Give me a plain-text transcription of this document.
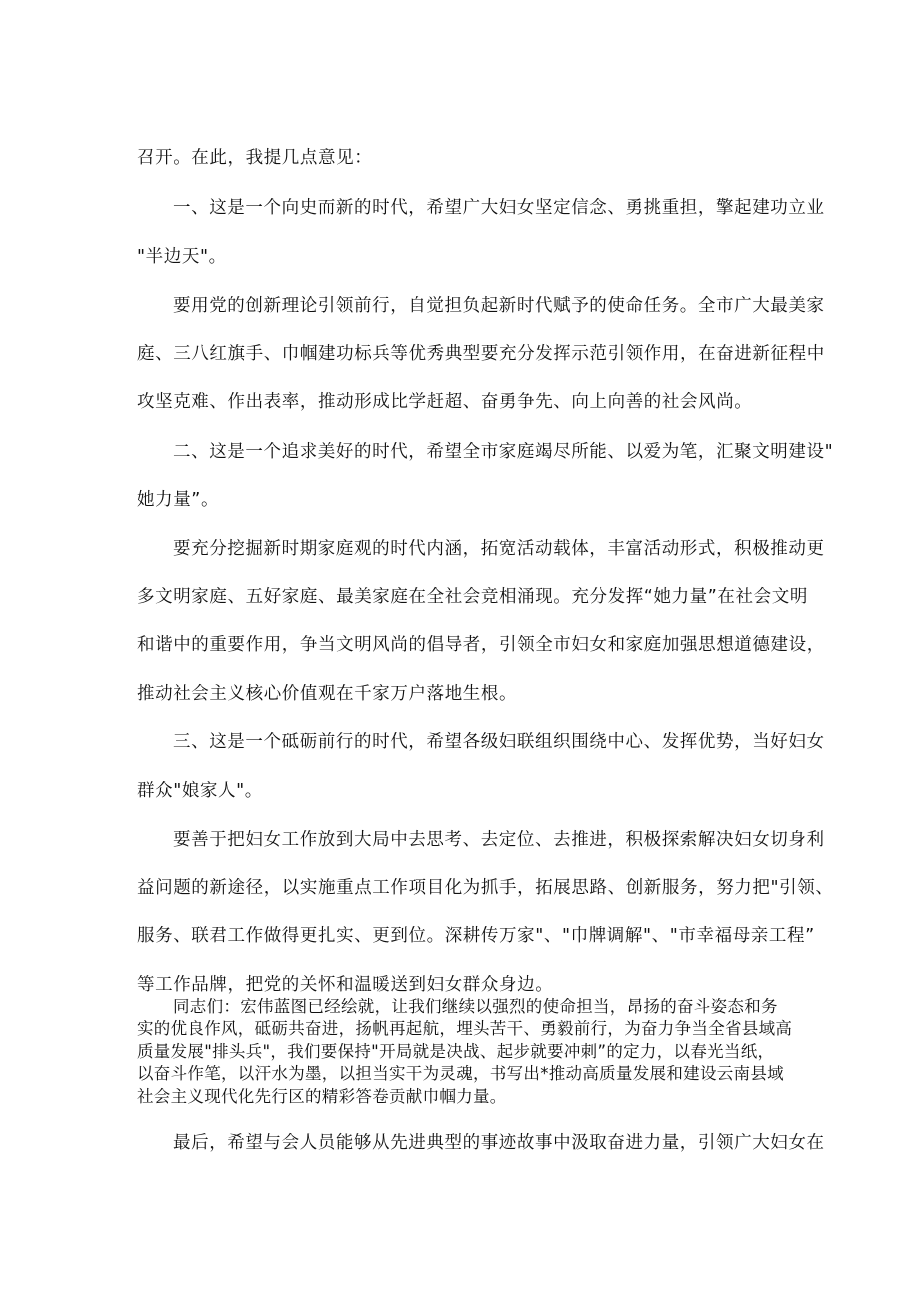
召开。在此，我提几点意见：
一、这是一个向史而新的时代，希望广大妇女坚定信念、勇挑重担，擎起建功立业
"半边天"。
要用党的创新理论引领前行，自觉担负起新时代赋予的使命任务。全市广大最美家
庭、三八红旗手、巾帼建功标兵等优秀典型要充分发挥示范引领作用，在奋进新征程中
攻坚克难、作出表率，推动形成比学赶超、奋勇争先、向上向善的社会风尚。
二、这是一个追求美好的时代，希望全市家庭竭尽所能、以爱为笔，汇聚文明建设"
她力量”。
要充分挖掘新时期家庭观的时代内涵，拓宽活动载体，丰富活动形式，积极推动更
多文明家庭、五好家庭、最美家庭在全社会竞相涌现。充分发挥“她力量”在社会文明
和谐中的重要作用，争当文明风尚的倡导者，引领全市妇女和家庭加强思想道德建设，
推动社会主义核心价值观在千家万户落地生根。
三、这是一个砥砺前行的时代，希望各级妇联组织围绕中心、发挥优势，当好妇女
群众"娘家人"。
要善于把妇女工作放到大局中去思考、去定位、去推进，积极探索解决妇女切身利
益问题的新途径，以实施重点工作项目化为抓手，拓展思路、创新服务，努力把"引领、
服务、联君工作做得更扎实、更到位。深耕传万家"、"巾牌调解"、"市幸福母亲工程”
等工作品牌，把党的关怀和温暖送到妇女群众身边。
同志们：宏伟蓝图已经绘就，让我们继续以强烈的使命担当，昂扬的奋斗姿态和务
实的优良作风，砥砺共奋进，扬帆再起航，埋头苦干、勇毅前行，为奋力争当全省县域高
质量发展"排头兵"，我们要保持"开局就是决战、起步就要冲刺”的定力，以春光当纸，
以奋斗作笔，以汗水为墨，以担当实干为灵魂，书写出*推动高质量发展和建设云南县域
社会主义现代化先行区的精彩答卷贡献巾帼力量。
最后，希望与会人员能够从先进典型的事迹故事中汲取奋进力量，引领广大妇女在
